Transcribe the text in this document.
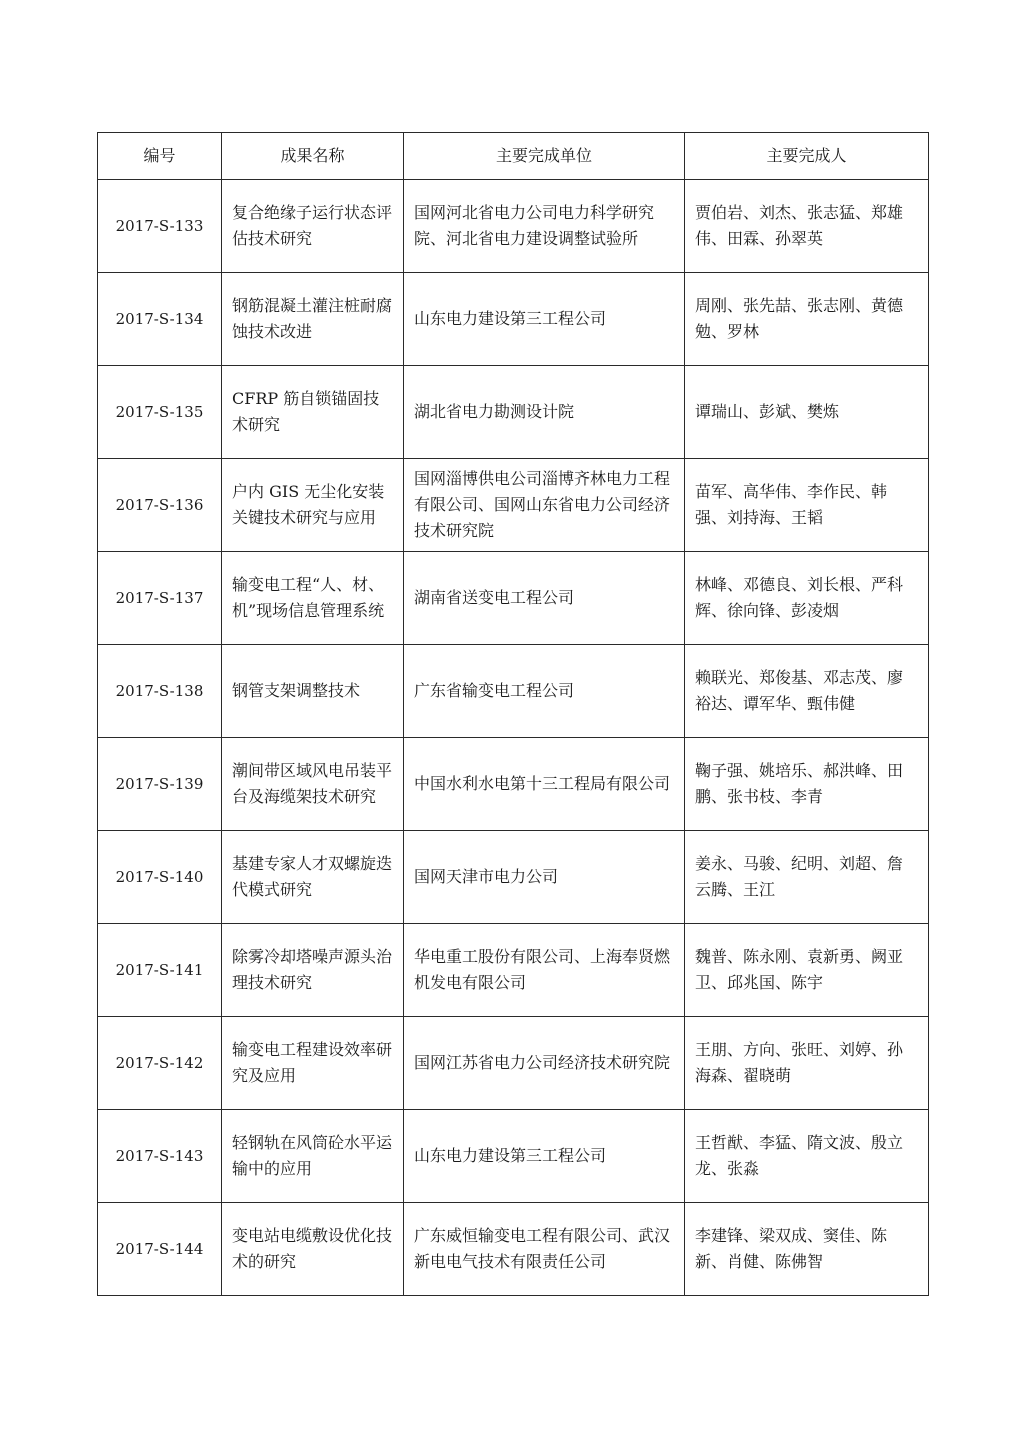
编号	成果名称	主要完成单位	主要完成人
2017-S-133	复合绝缘子运行状态评估技术研究	国网河北省电力公司电力科学研究院、河北省电力建设调整试验所	贾伯岩、刘杰、张志猛、郑雄伟、田霖、孙翠英
2017-S-134	钢筋混凝土灌注桩耐腐蚀技术改进	山东电力建设第三工程公司	周刚、张先喆、张志刚、黄德勉、罗林
2017-S-135	CFRP 筋自锁锚固技术研究	湖北省电力勘测设计院	谭瑞山、彭斌、樊炼
2017-S-136	户内 GIS 无尘化安装关键技术研究与应用	国网淄博供电公司淄博齐林电力工程有限公司、国网山东省电力公司经济技术研究院	苗军、高华伟、李作民、韩强、刘持海、王韬
2017-S-137	输变电工程“人、材、机”现场信息管理系统	湖南省送变电工程公司	林峰、邓德良、刘长根、严科辉、徐向锋、彭凌烟
2017-S-138	钢管支架调整技术	广东省输变电工程公司	赖联光、郑俊基、邓志茂、廖裕达、谭军华、甄伟健
2017-S-139	潮间带区域风电吊装平台及海缆架技术研究	中国水利水电第十三工程局有限公司	鞠子强、姚培乐、郝洪峰、田鹏、张书枝、李青
2017-S-140	基建专家人才双螺旋迭代模式研究	国网天津市电力公司	姜永、马骏、纪明、刘超、詹云腾、王江
2017-S-141	除雾冷却塔噪声源头治理技术研究	华电重工股份有限公司、上海奉贤燃机发电有限公司	魏普、陈永刚、袁新勇、阙亚卫、邱兆国、陈宇
2017-S-142	输变电工程建设效率研究及应用	国网江苏省电力公司经济技术研究院	王朋、方向、张旺、刘婷、孙海森、翟晓萌
2017-S-143	轻钢轨在风筒砼水平运输中的应用	山东电力建设第三工程公司	王哲猷、李猛、隋文波、殷立龙、张淼
2017-S-144	变电站电缆敷设优化技术的研究	广东威恒输变电工程有限公司、武汉新电电气技术有限责任公司	李建锋、梁双成、窦佳、陈新、肖健、陈佛智
